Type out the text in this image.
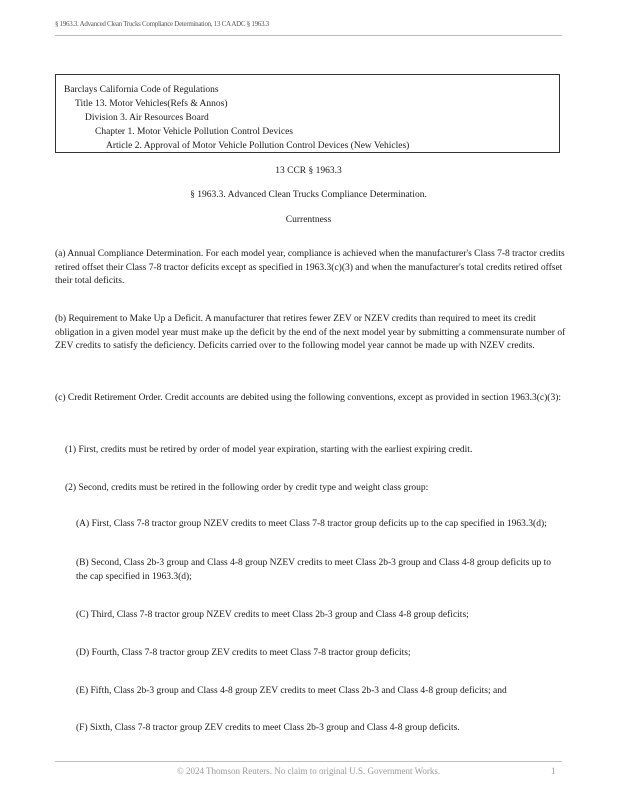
§ 1963.3. Advanced Clean Trucks Compliance Determination, 13 CA ADC § 1963.3
Barclays California Code of Regulations
Title 13. Motor Vehicles(Refs & Annos)
Division 3. Air Resources Board
Chapter 1. Motor Vehicle Pollution Control Devices
Article 2. Approval of Motor Vehicle Pollution Control Devices (New Vehicles)
13 CCR § 1963.3
§ 1963.3. Advanced Clean Trucks Compliance Determination.
Currentness
(a) Annual Compliance Determination. For each model year, compliance is achieved when the manufacturer's Class 7-8 tractor credits retired offset their Class 7-8 tractor deficits except as specified in 1963.3(c)(3) and when the manufacturer's total credits retired offset their total deficits.
(b) Requirement to Make Up a Deficit. A manufacturer that retires fewer ZEV or NZEV credits than required to meet its credit obligation in a given model year must make up the deficit by the end of the next model year by submitting a commensurate number of ZEV credits to satisfy the deficiency. Deficits carried over to the following model year cannot be made up with NZEV credits.
(c) Credit Retirement Order. Credit accounts are debited using the following conventions, except as provided in section 1963.3(c)(3):
(1) First, credits must be retired by order of model year expiration, starting with the earliest expiring credit.
(2) Second, credits must be retired in the following order by credit type and weight class group:
(A) First, Class 7-8 tractor group NZEV credits to meet Class 7-8 tractor group deficits up to the cap specified in 1963.3(d);
(B) Second, Class 2b-3 group and Class 4-8 group NZEV credits to meet Class 2b-3 group and Class 4-8 group deficits up to the cap specified in 1963.3(d);
(C) Third, Class 7-8 tractor group NZEV credits to meet Class 2b-3 group and Class 4-8 group deficits;
(D) Fourth, Class 7-8 tractor group ZEV credits to meet Class 7-8 tractor group deficits;
(E) Fifth, Class 2b-3 group and Class 4-8 group ZEV credits to meet Class 2b-3 and Class 4-8 group deficits; and
(F) Sixth, Class 7-8 tractor group ZEV credits to meet Class 2b-3 group and Class 4-8 group deficits.
© 2024 Thomson Reuters. No claim to original U.S. Government Works.	1
